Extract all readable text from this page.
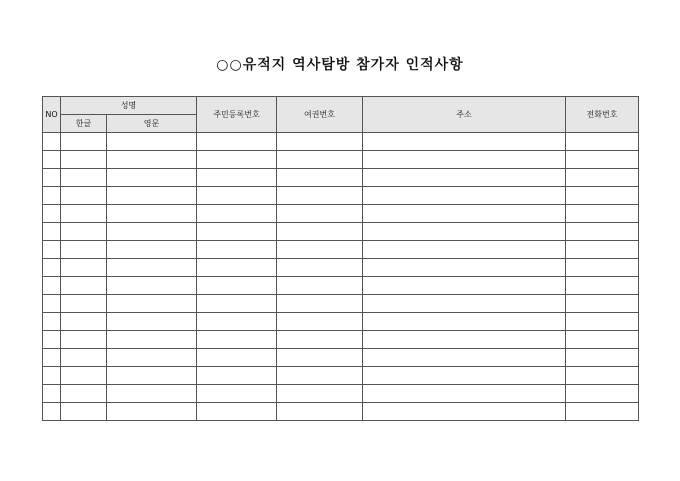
○○유적지 역사탐방 참가자 인적사항
NO	성명		주민등록번호	여권번호	주소	전화번호
	한글	영문				
